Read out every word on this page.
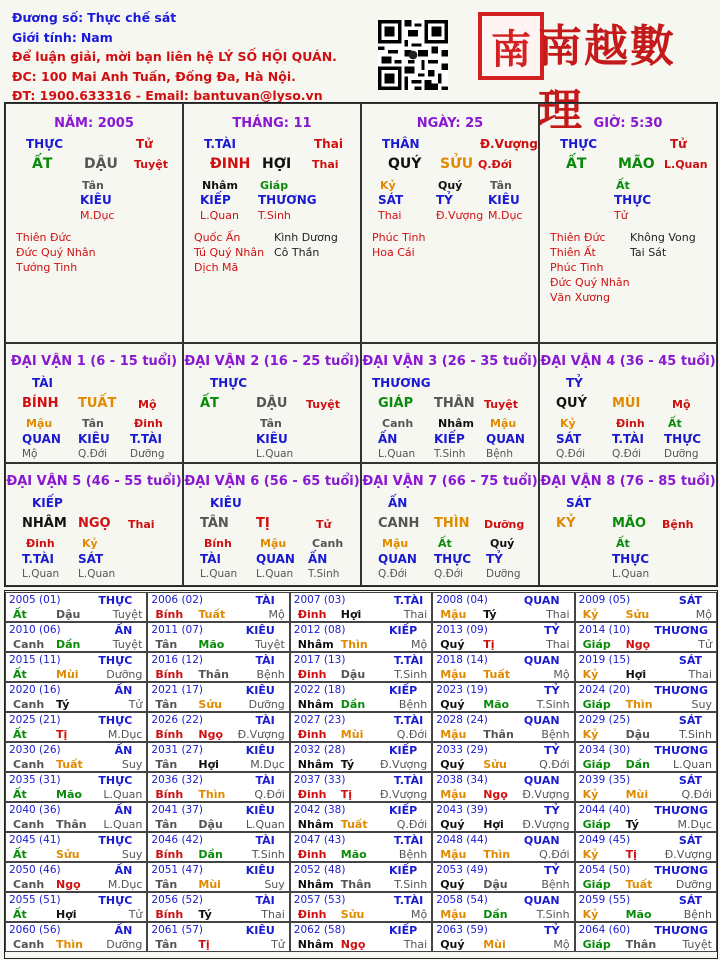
Đương số: Thực chế sát
Giới tính: Nam
Để luận giải, mời bạn liên hệ LÝ SỐ HỘI QUÁN.
ĐC: 100 Mai Anh Tuấn, Đống Đa, Hà Nội.
ĐT: 1900.633316 - Email: bantuvan@lyso.vn
南 南越數理
NĂM: 2005
THỰC	Tử
ẤT DẬU Tuyệt
Tân
KIÊU
M.Dục
Thiên Đức
Đức Quý Nhân
Tướng Tinh
THÁNG: 11
T.TÀI	Thai
ĐINH HỢI Thai
Nhâm Giáp
KIẾP THƯƠNG
L.Quan T.Sinh
Quốc Ấn
Tú Quý Nhân
Dịch Mã
Kình Dương
Cô Thần
NGÀY: 25
THÂN	Đ.Vượng
QUÝ SỬU Q.Đới
Kỷ	Quý	Tân
SÁT	TỶ	KIÊU
Thai	Đ.Vượng M.Dục
Phúc Tinh
Hoa Cái
GIỜ: 5:30
THỰC	Tử
ẤT MÃO L.Quan
Ất
THỰC
Tử
Thiên Đức
Thiên Ất
Phúc Tinh
Đức Quý Nhân
Văn Xương
Không Vong
Tai Sát
ĐẠI VẬN 1 (6 - 15 tuổi)
TÀI
BÍNH TUẤT Mộ
Mậu	Tân	Đinh
QUAN KIÊU T.TÀI
Mộ	Q.Đới Dưỡng
ĐẠI VẬN 2 (16 - 25 tuổi)
THỰC
ẤT	DẬU Tuyệt
Tân
KIÊU
L.Quan
ĐẠI VẬN 3 (26 - 35 tuổi)
THƯƠNG
GIÁP THÂN Tuyệt
Canh Nhâm Mậu
ẤN	KIẾP QUAN
L.Quan T.Sinh Bệnh
ĐẠI VẬN 4 (36 - 45 tuổi)
TỶ
QUÝ MÙI	Mộ
Kỷ	Đinh Ất
SÁT	T.TÀI THỰC
Q.Đới	Q.Đới Dưỡng
ĐẠI VẬN 5 (46 - 55 tuổi)
KIẾP
NHÂM NGỌ Thai
Đinh Kỷ
T.TÀI SÁT
L.Quan L.Quan
ĐẠI VẬN 6 (56 - 65 tuổi)
KIÊU
TÂN TỊ	Tử
Bính	Mậu Canh
TÀI	QUAN ẤN
L.Quan L.Quan T.Sinh
ĐẠI VẬN 7 (66 - 75 tuổi)
ẤN
CANH THÌN Dưỡng
Mậu	Ất	Quý
QUAN THỰC TỶ
Q.Đới	Q.Đới Dưỡng
ĐẠI VẬN 8 (76 - 85 tuổi)
SÁT
KỶ	MÃO Bệnh
Ất
THỰC
L.Quan
2005 (01)	THỰC
Ất	Dậu	Tuyệt
2006 (02)	TÀI
Bính Tuất	Mộ
2007 (03)	T.TÀI
Đinh Hợi	Thai
2008 (04)	QUAN
Mậu Tý	Thai
2009 (05)	SÁT
Kỷ Sửu	Mộ
2010 (06)	ẤN
Canh Dần	Tuyệt
2011 (07)	KIÊU
Tân Mão	Tuyệt
2012 (08)	KIẾP
Nhâm Thìn	Mộ
2013 (09)	TỶ
Quý Tị	Thai
2014 (10) THƯƠNG
Giáp Ngọ	Tử
2015 (11)	THỰC
Ất	Mùi	Dưỡng
2016 (12)	TÀI
Bính Thân	Bệnh
2017 (13)	T.TÀI
Đinh Dậu	T.Sinh
2018 (14)	QUAN
Mậu Tuất	Mộ
2019 (15)	SÁT
Kỷ Hợi	Thai
2020 (16)	ẤN
Canh Tý	Tử
2021 (17)	KIÊU
Tân Sửu Dưỡng
2022 (18)	KIẾP
Nhâm Dần	Bệnh
2023 (19)	TỶ
Quý Mão	T.Sinh
2024 (20) THƯƠNG
Giáp Thìn	Suy
2025 (21)	THỰC
Ất	Tị	M.Dục
2026 (22)	TÀI
Bính Ngọ Đ.Vượng
2027 (23)	T.TÀI
Đinh Mùi	Q.Đới
2028 (24)	QUAN
Mậu Thân	Bệnh
2029 (25)	SÁT
Kỷ Dậu	T.Sinh
2030 (26)	ẤN
Canh Tuất	Suy
2031 (27)	KIÊU
Tân Hợi	M.Dục
2032 (28)	KIẾP
Nhâm Tý Đ.Vượng
2033 (29)	TỶ
Quý Sửu	Q.Đới
2034 (30) THƯƠNG
Giáp Dần L.Quan
2035 (31)	THỰC
Ất	Mão L.Quan
2036 (32)	TÀI
Bính Thìn	Q.Đới
2037 (33)	T.TÀI
Đinh Tị	Đ.Vượng
2038 (34)	QUAN
Mậu Ngọ Đ.Vượng
2039 (35)	SÁT
Kỷ Mùi	Q.Đới
2040 (36)	ẤN
Canh Thân L.Quan
2041 (37)	KIÊU
Tân Dậu L.Quan
2042 (38)	KIẾP
Nhâm Tuất	Q.Đới
2043 (39)	TỶ
Quý Hợi Đ.Vượng
2044 (40) THƯƠNG
Giáp Tý	M.Dục
2045 (41)	THỰC
Ất	Sửu	Suy
2046 (42)	TÀI
Bính Dần	T.Sinh
2047 (43)	T.TÀI
Đinh Mão	Bệnh
2048 (44)	QUAN
Mậu Thìn	Q.Đới
2049 (45)	SÁT
Kỷ Tị	Đ.Vượng
2050 (46)	ẤN
Canh Ngọ M.Dục
2051 (47)	KIÊU
Tân Mùi	Suy
2052 (48)	KIẾP
Nhâm Thân T.Sinh
2053 (49)	TỶ
Quý Dậu	Bệnh
2054 (50) THƯƠNG
Giáp Tuất Dưỡng
2055 (51)	THỰC
Ất	Hợi	Tử
2056 (52)	TÀI
Bính Tý	Thai
2057 (53)	T.TÀI
Đinh Sửu	Mộ
2058 (54)	QUAN
Mậu Dần	T.Sinh
2059 (55)	SÁT
Kỷ Mão	Bệnh
2060 (56)	ẤN
Canh Thìn Dưỡng
2061 (57)	KIÊU
Tân Tị	Tử
2062 (58)	KIẾP
Nhâm Ngọ	Thai
2063 (59)	TỶ
Quý Mùi	Mộ
2064 (60) THƯƠNG
Giáp Thân Tuyệt
